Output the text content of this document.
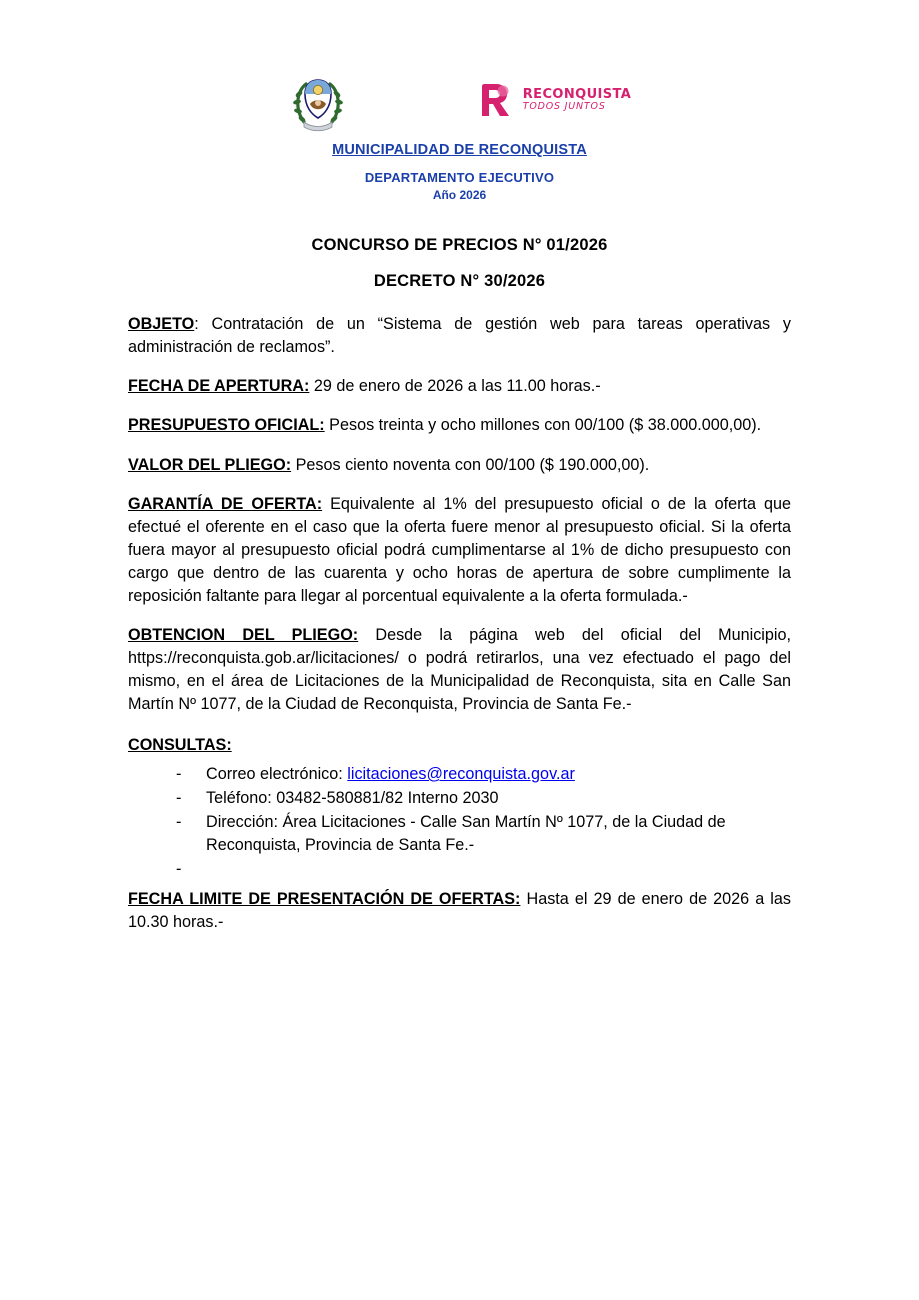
RECONQUISTA
TODOS JUNTOS
MUNICIPALIDAD DE RECONQUISTA
DEPARTAMENTO EJECUTIVO
Año 2026
CONCURSO DE PRECIOS N° 01/2026
DECRETO N° 30/2026

OBJETO: Contratación de un “Sistema de gestión web para tareas operativas y administración de reclamos”.

FECHA DE APERTURA: 29 de enero de 2026 a las 11.00 horas.-

PRESUPUESTO OFICIAL: Pesos treinta y ocho millones con 00/100 ($ 38.000.000,00).

VALOR DEL PLIEGO: Pesos ciento noventa con 00/100 ($ 190.000,00).

GARANTÍA DE OFERTA: Equivalente al 1% del presupuesto oficial o de la oferta que efectué el oferente en el caso que la oferta fuere menor al presupuesto oficial. Si la oferta fuera mayor al presupuesto oficial podrá cumplimentarse al 1% de dicho presupuesto con cargo que dentro de las cuarenta y ocho horas de apertura de sobre cumplimente la reposición faltante para llegar al porcentual equivalente a la oferta formulada.-

OBTENCION DEL PLIEGO: Desde la página web del oficial del Municipio, https://reconquista.gob.ar/licitaciones/ o podrá retirarlos, una vez efectuado el pago del mismo, en el área de Licitaciones de la Municipalidad de Reconquista, sita en Calle San Martín Nº 1077, de la Ciudad de Reconquista, Provincia de Santa Fe.-

CONSULTAS:
- Correo electrónico: licitaciones@reconquista.gov.ar
- Teléfono: 03482-580881/82 Interno 2030
- Dirección: Área Licitaciones - Calle San Martín Nº 1077, de la Ciudad de Reconquista, Provincia de Santa Fe.-
-

FECHA LIMITE DE PRESENTACIÓN DE OFERTAS: Hasta el 29 de enero de 2026 a las 10.30 horas.-
